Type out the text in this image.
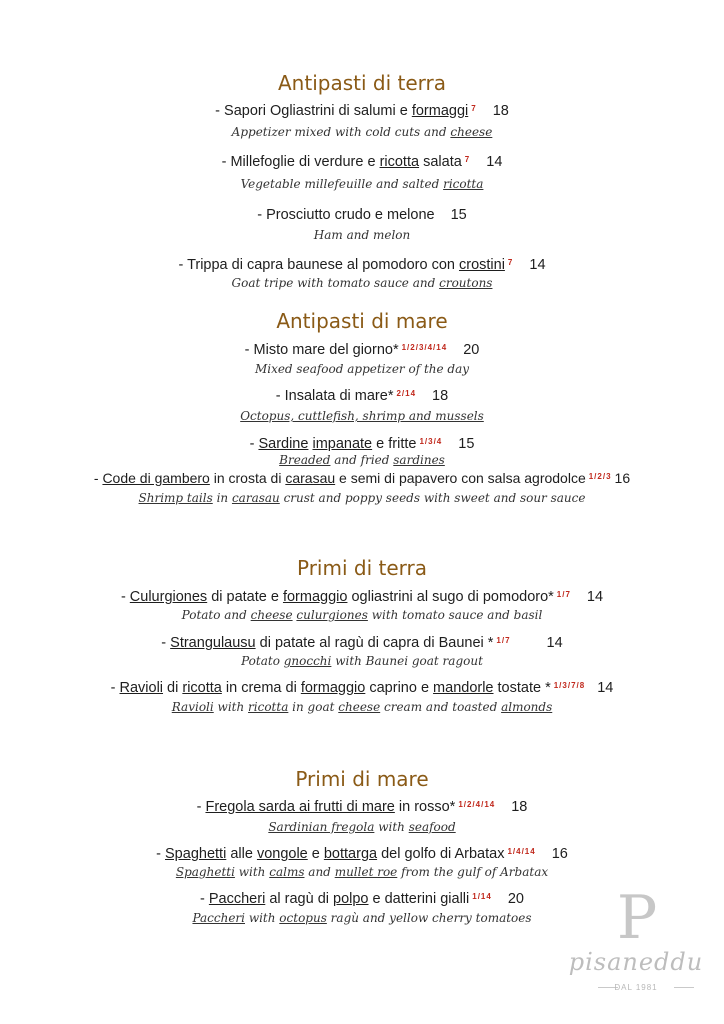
Antipasti di terra
- Sapori Ogliastrini di salumi e formaggi $^7$ 18
Appetizer mixed with cold cuts and cheese
- Millefoglie di verdure e ricotta salata $^7$ 14
Vegetable millefeuille and salted ricotta
- Prosciutto crudo e melone 15
Ham and melon
- Trippa di capra baunese al pomodoro con crostini $^7$ 14
Goat tripe with tomato sauce and croutons
Antipasti di mare
- Misto mare del giorno* $^{1/2/3/4/14}$ 20
Mixed seafood appetizer of the day
- Insalata di mare* $^{2/14}$ 18
Octopus, cuttlefish, shrimp and mussels
- Sardine impanate e fritte $^{1/3/4}$ 15
Breaded and fried sardines
- Code di gambero in crosta di carasau e semi di papavero con salsa agrodolce $^{1/2/3}$ 16
Shrimp tails in carasau crust and poppy seeds with sweet and sour sauce
Primi di terra
- Culurgiones di patate e formaggio ogliastrini al sugo di pomodoro* $^{1/7}$ 14
Potato and cheese culurgiones with tomato sauce and basil
- Strangulausu di patate al ragù di capra di Baunei * $^{1/7}$ 14
Potato gnocchi with Baunei goat ragout
- Ravioli di ricotta in crema di formaggio caprino e mandorle tostate * $^{1/3/7/8}$ 14
Ravioli with ricotta in goat cheese cream and toasted almonds
Primi di mare
- Fregola sarda ai frutti di mare in rosso* $^{1/2/4/14}$ 18
Sardinian fregola with seafood
- Spaghetti alle vongole e bottarga del golfo di Arbatax $^{1/4/14}$ 16
Spaghetti with calms and mullet roe from the gulf of Arbatax
- Paccheri al ragù di polpo e datterini gialli $^{1/14}$ 20
Paccheri with octopus ragù and yellow cherry tomatoes	P
pisaneddu
DAL 1981
